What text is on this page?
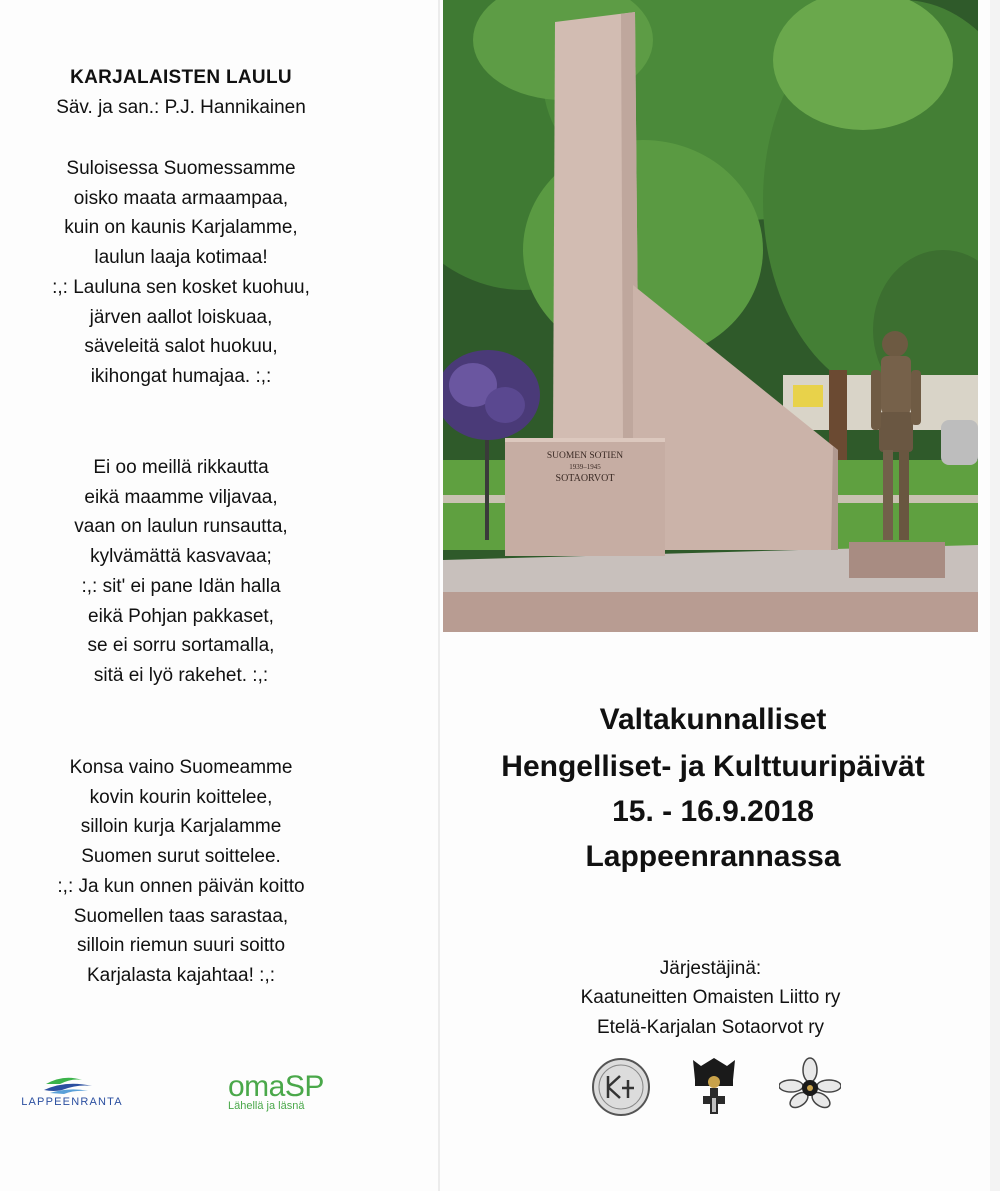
KARJALAISTEN LAULU
Säv. ja san.: P.J. Hannikainen
Suloisessa Suomessamme
oisko maata armaampaa,
kuin on kaunis Karjalamme,
laulun laaja kotimaa!
:,: Lauluna sen kosket kuohuu,
järven aallot loiskuaa,
säveleitä salot huokuu,
ikihongat humajaa. :,:
Ei oo meillä rikkautta
eikä maamme viljavaa,
vaan on laulun runsautta,
kylvämättä kasvavaa;
:,: sit' ei pane Idän halla
eikä Pohjan pakkaset,
se ei sorru sortamalla,
sitä ei lyö rakehet. :,:
Konsa vaino Suomeamme
kovin kourin koittelee,
silloin kurja Karjalamme
Suomen surut soittelee.
:,: Ja kun onnen päivän koitto
Suomellen taas sarastaa,
silloin riemun suuri soitto
Karjalasta kajahtaa! :,:
LAPPEENRANTA	omaSP
Lähellä ja läsnä
SUOMEN SOTIEN
1939–1945
SOTAORVOT
Valtakunnalliset
Hengelliset- ja Kulttuuripäivät
15. - 16.9.2018
Lappeenrannassa
Järjestäjinä:
Kaatuneitten Omaisten Liitto ry
Etelä-Karjalan Sotaorvot ry
